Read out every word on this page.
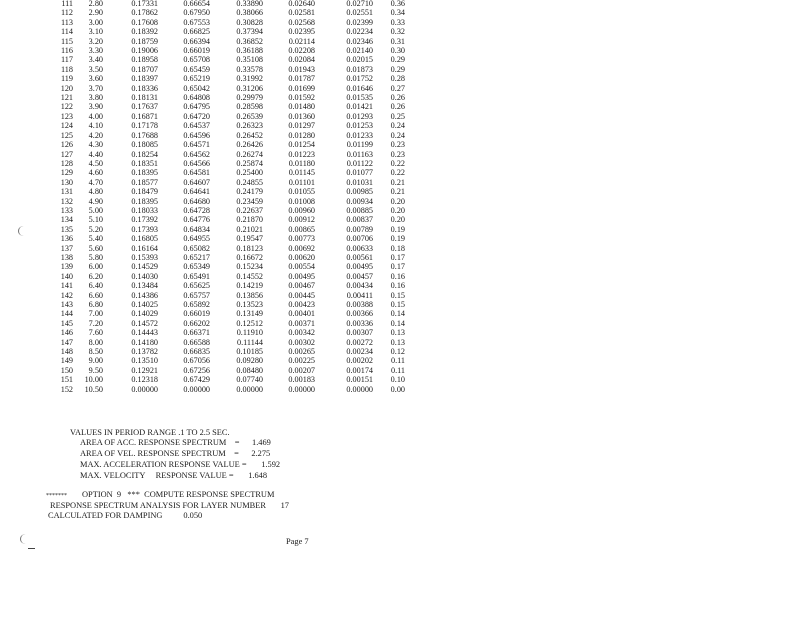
111	2.80	0.17331	0.66654	0.33890	0.02640	0.02710	0.36
112	2.90	0.17862	0.67950	0.38066	0.02581	0.02551	0.34
113	3.00	0.17608	0.67553	0.30828	0.02568	0.02399	0.33
114	3.10	0.18392	0.66825	0.37394	0.02395	0.02234	0.32
115	3.20	0.18759	0.66394	0.36852	0.02114	0.02346	0.31
116	3.30	0.19006	0.66019	0.36188	0.02208	0.02140	0.30
117	3.40	0.18958	0.65708	0.35108	0.02084	0.02015	0.29
118	3.50	0.18707	0.65459	0.33578	0.01943	0.01873	0.29
119	3.60	0.18397	0.65219	0.31992	0.01787	0.01752	0.28
120	3.70	0.18336	0.65042	0.31206	0.01699	0.01646	0.27
121	3.80	0.18131	0.64808	0.29979	0.01592	0.01535	0.26
122	3.90	0.17637	0.64795	0.28598	0.01480	0.01421	0.26
123	4.00	0.16871	0.64720	0.26539	0.01360	0.01293	0.25
124	4.10	0.17178	0.64537	0.26323	0.01297	0.01253	0.24
125	4.20	0.17688	0.64596	0.26452	0.01280	0.01233	0.24
126	4.30	0.18085	0.64571	0.26426	0.01254	0.01199	0.23
127	4.40	0.18254	0.64562	0.26274	0.01223	0.01163	0.23
128	4.50	0.18351	0.64566	0.25874	0.01180	0.01122	0.22
129	4.60	0.18395	0.64581	0.25400	0.01145	0.01077	0.22
130	4.70	0.18577	0.64607	0.24855	0.01101	0.01031	0.21
131	4.80	0.18479	0.64641	0.24179	0.01055	0.00985	0.21
132	4.90	0.18395	0.64680	0.23459	0.01008	0.00934	0.20
133	5.00	0.18033	0.64728	0.22637	0.00960	0.00885	0.20
134	5.10	0.17392	0.64776	0.21870	0.00912	0.00837	0.20
135	5.20	0.17393	0.64834	0.21021	0.00865	0.00789	0.19
136	5.40	0.16805	0.64955	0.19547	0.00773	0.00706	0.19
137	5.60	0.16164	0.65082	0.18123	0.00692	0.00633	0.18
138	5.80	0.15393	0.65217	0.16672	0.00620	0.00561	0.17
139	6.00	0.14529	0.65349	0.15234	0.00554	0.00495	0.17
140	6.20	0.14030	0.65491	0.14552	0.00495	0.00457	0.16
141	6.40	0.13484	0.65625	0.14219	0.00467	0.00434	0.16
142	6.60	0.14386	0.65757	0.13856	0.00445	0.00411	0.15
143	6.80	0.14025	0.65892	0.13523	0.00423	0.00388	0.15
144	7.00	0.14029	0.66019	0.13149	0.00401	0.00366	0.14
145	7.20	0.14572	0.66202	0.12512	0.00371	0.00336	0.14
146	7.60	0.14443	0.66371	0.11910	0.00342	0.00307	0.13
147	8.00	0.14180	0.66588	0.11144	0.00302	0.00272	0.13
148	8.50	0.13782	0.66835	0.10185	0.00265	0.00234	0.12
149	9.00	0.13510	0.67056	0.09280	0.00225	0.00202	0.11
150	9.50	0.12921	0.67256	0.08480	0.00207	0.00174	0.11
151	10.00	0.12318	0.67429	0.07740	0.00183	0.00151	0.10
152	10.50	0.00000	0.00000	0.00000	0.00000	0.00000	0.00
VALUES IN PERIOD RANGE .1 TO 2.5 SEC.
AREA OF ACC. RESPONSE SPECTRUM    =      1.469
AREA OF VEL. RESPONSE SPECTRUM    =      2.275
MAX. ACCELERATION RESPONSE VALUE =       1.592
MAX. VELOCITY     RESPONSE VALUE =       1.648
******* OPTION  9   ***  COMPUTE RESPONSE SPECTRUM
RESPONSE SPECTRUM ANALYSIS FOR LAYER NUMBER       17
CALCULATED FOR DAMPING          0.050
Page 7
